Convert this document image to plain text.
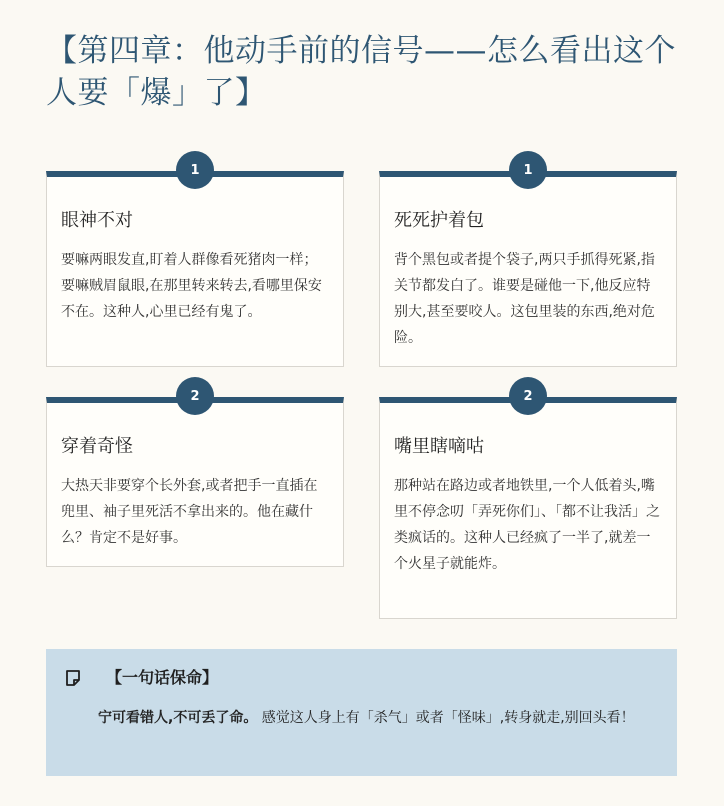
【第四章：他动手前的信号——怎么看出这个人要「爆」了】
1
眼神不对

要嘛两眼发直,盯着人群像看死猪肉一样；要嘛贼眉鼠眼,在那里转来转去,看哪里保安不在。这种人,心里已经有鬼了。

1
死死护着包

背个黑包或者提个袋子,两只手抓得死紧,指关节都发白了。谁要是碰他一下,他反应特别大,甚至要咬人。这包里装的东西,绝对危险。

2
穿着奇怪

大热天非要穿个长外套,或者把手一直插在兜里、袖子里死活不拿出来的。他在藏什么？肯定不是好事。

2
嘴里瞎嘀咕

那种站在路边或者地铁里,一个人低着头,嘴里不停念叨「弄死你们」、「都不让我活」之类疯话的。这种人已经疯了一半了,就差一个火星子就能炸。

【一句话保命】
宁可看错人,不可丢了命。 感觉这人身上有「杀气」或者「怪味」,转身就走,别回头看！
